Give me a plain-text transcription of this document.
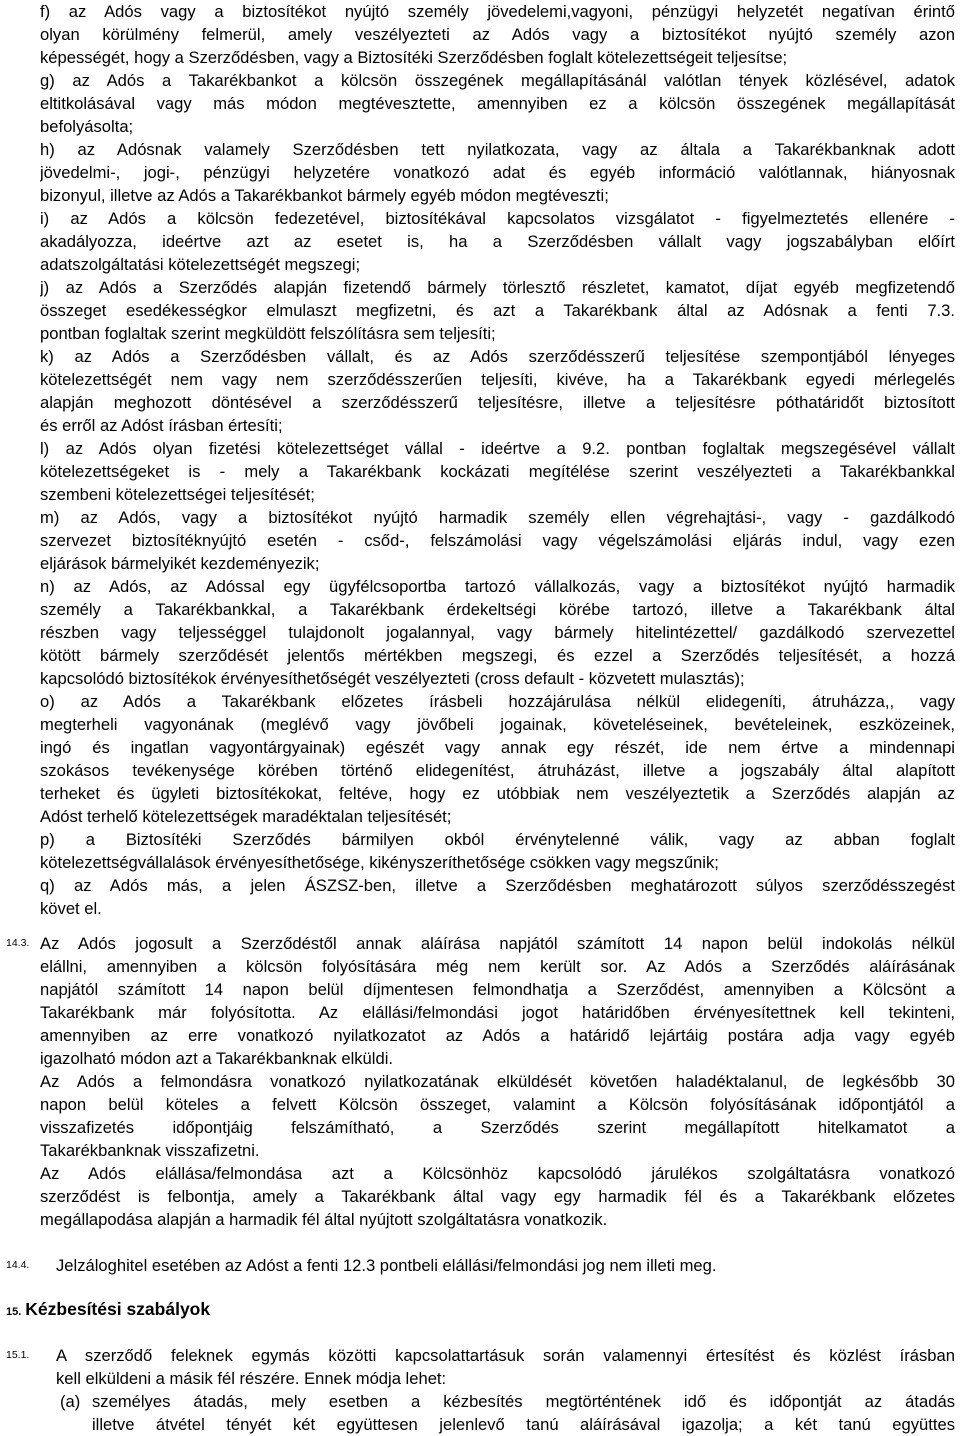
f) az Adós vagy a biztosítékot nyújtó személy jövedelemi,vagyoni, pénzügyi helyzetét negatívan érintő
olyan körülmény felmerül, amely veszélyezteti az Adós vagy a biztosítékot nyújtó személy azon
képességét, hogy a Szerződésben, vagy a Biztosítéki Szerződésben foglalt kötelezettségeit teljesítse;
g) az Adós a Takarékbankot a kölcsön összegének megállapításánál valótlan tények közlésével, adatok
eltitkolásával vagy más módon megtévesztette, amennyiben ez a kölcsön összegének megállapítását
befolyásolta;
h) az Adósnak valamely Szerződésben tett nyilatkozata, vagy az általa a Takarékbanknak adott
jövedelmi-, jogi-, pénzügyi helyzetére vonatkozó adat és egyéb információ valótlannak, hiányosnak
bizonyul, illetve az Adós a Takarékbankot bármely egyéb módon megtéveszti;
i) az Adós a kölcsön fedezetével, biztosítékával kapcsolatos vizsgálatot - figyelmeztetés ellenére -
akadályozza, ideértve azt az esetet is, ha a Szerződésben vállalt vagy jogszabályban előírt
adatszolgáltatási kötelezettségét megszegi;
j) az Adós a Szerződés alapján fizetendő bármely törlesztő részletet, kamatot, díjat egyéb megfizetendő
összeget esedékességkor elmulaszt megfizetni, és azt a Takarékbank által az Adósnak a fenti 7.3.
pontban foglaltak szerint megküldött felszólításra sem teljesíti;
k) az Adós a Szerződésben vállalt, és az Adós szerződésszerű teljesítése szempontjából lényeges
kötelezettségét nem vagy nem szerződésszerűen teljesíti, kivéve, ha a Takarékbank egyedi mérlegelés
alapján meghozott döntésével a szerződésszerű teljesítésre, illetve a teljesítésre póthatáridőt biztosított
és erről az Adóst írásban értesíti;
l) az Adós olyan fizetési kötelezettséget vállal - ideértve a 9.2. pontban foglaltak megszegésével vállalt
kötelezettségeket is - mely a Takarékbank kockázati megítélése szerint veszélyezteti a Takarékbankkal
szembeni kötelezettségei teljesítését;
m) az Adós, vagy a biztosítékot nyújtó harmadik személy ellen végrehajtási-, vagy - gazdálkodó
szervezet biztosítéknyújtó esetén - csőd-, felszámolási vagy végelszámolási eljárás indul, vagy ezen
eljárások bármelyikét kezdeményezik;
n) az Adós, az Adóssal egy ügyfélcsoportba tartozó vállalkozás, vagy a biztosítékot nyújtó harmadik
személy a Takarékbankkal, a Takarékbank érdekeltségi körébe tartozó, illetve a Takarékbank által
részben vagy teljességgel tulajdonolt jogalannyal, vagy bármely hitelintézettel/ gazdálkodó szervezettel
kötött bármely szerződését jelentős mértékben megszegi, és ezzel a Szerződés teljesítését, a hozzá
kapcsolódó biztosítékok érvényesíthetőségét veszélyezteti (cross default - közvetett mulasztás);
o) az Adós a Takarékbank előzetes írásbeli hozzájárulása nélkül elidegeníti, átruházza,, vagy
megterheli vagyonának (meglévő vagy jövőbeli jogainak, követeléseinek, bevételeinek, eszközeinek,
ingó és ingatlan vagyontárgyainak) egészét vagy annak egy részét, ide nem értve a mindennapi
szokásos tevékenysége körében történő elidegenítést, átruházást, illetve a jogszabály által alapított
terheket és ügyleti biztosítékokat, feltéve, hogy ez utóbbiak nem veszélyeztetik a Szerződés alapján az
Adóst terhelő kötelezettségek maradéktalan teljesítését;
p) a Biztosítéki Szerződés bármilyen okból érvénytelenné válik, vagy az abban foglalt
kötelezettségvállalások érvényesíthetősége, kikényszeríthetősége csökken vagy megszűnik;
q) az Adós más, a jelen ÁSZSZ-ben, illetve a Szerződésben meghatározott súlyos szerződésszegést
követ el.
14.3. Az Adós jogosult a Szerződéstől annak aláírása napjától számított 14 napon belül indokolás nélkül
elállni, amennyiben a kölcsön folyósítására még nem került sor. Az Adós a Szerződés aláírásának
napjától számított 14 napon belül díjmentesen felmondhatja a Szerződést, amennyiben a Kölcsönt a
Takarékbank már folyósította. Az elállási/felmondási jogot határidőben érvényesítettnek kell tekinteni,
amennyiben az erre vonatkozó nyilatkozatot az Adós a határidő lejártáig postára adja vagy egyéb
igazolható módon azt a Takarékbanknak elküldi.
Az Adós a felmondásra vonatkozó nyilatkozatának elküldését követően haladéktalanul, de legkésőbb 30
napon belül köteles a felvett Kölcsön összeget, valamint a Kölcsön folyósításának időpontjától a
visszafizetés időpontjáig felszámítható, a Szerződés szerint megállapított hitelkamatot a
Takarékbanknak visszafizetni.
Az Adós elállása/felmondása azt a Kölcsönhöz kapcsolódó járulékos szolgáltatásra vonatkozó
szerződést is felbontja, amely a Takarékbank által vagy egy harmadik fél és a Takarékbank előzetes
megállapodása alapján a harmadik fél által nyújtott szolgáltatásra vonatkozik.
14.4. Jelzáloghitel esetében az Adóst a fenti 12.3 pontbeli elállási/felmondási jog nem illeti meg.
15. Kézbesítési szabályok
15.1. A szerződő feleknek egymás közötti kapcsolattartásuk során valamennyi értesítést és közlést írásban
kell elküldeni a másik fél részére. Ennek módja lehet:
(a) személyes átadás, mely esetben a kézbesítés megtörténtének idő és időpontját az átadás
illetve átvétel tényét két együttesen jelenlevő tanú aláírásával igazolja; a két tanú együttes
